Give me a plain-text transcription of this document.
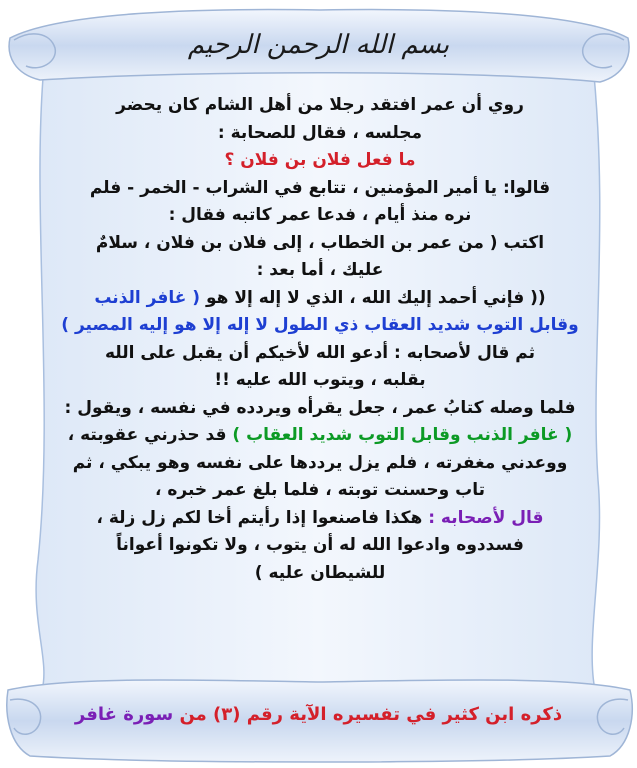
بسم الله الرحمن الرحيم
روي أن عمر افتقد رجلا من أهل الشام كان يحضر
مجلسه ، فقال للصحابة :
ما فعل فلان بن فلان ؟
قالوا: يا أمير المؤمنين ، تتابع في الشراب - الخمر - فلم
نره منذ أيام ، فدعا عمر كاتبه فقال :
اكتب ( من عمر بن الخطاب ، إلى فلان بن فلان ، سلامٌ
عليك ، أما بعد :
(( فإني أحمد إليك الله ، الذي لا إله إلا هو ( غافر الذنب
وقابل التوب شديد العقاب ذي الطول لا إله إلا هو إليه المصير )
ثم قال لأصحابه : أدعو الله لأخيكم أن يقبل على الله
بقلبه ، ويتوب الله عليه !!
فلما وصله كتابُ عمر ، جعل يقرأه ويردده في نفسه ، ويقول :
( غافر الذنب وقابل التوب شديد العقاب ) قد حذرني عقوبته ،
ووعدني مغفرته ، فلم يزل يرددها على نفسه وهو يبكي ، ثم
تاب وحسنت توبته ، فلما بلغ عمر خبره ،
قال لأصحابه : هكذا فاصنعوا إذا رأيتم أخا لكم زل زلة ،
فسددوه وادعوا الله له أن يتوب ، ولا تكونوا أعواناً
للشيطان عليه )
ذكره ابن كثير في تفسيره الآية رقم (٣) من سورة غافر
